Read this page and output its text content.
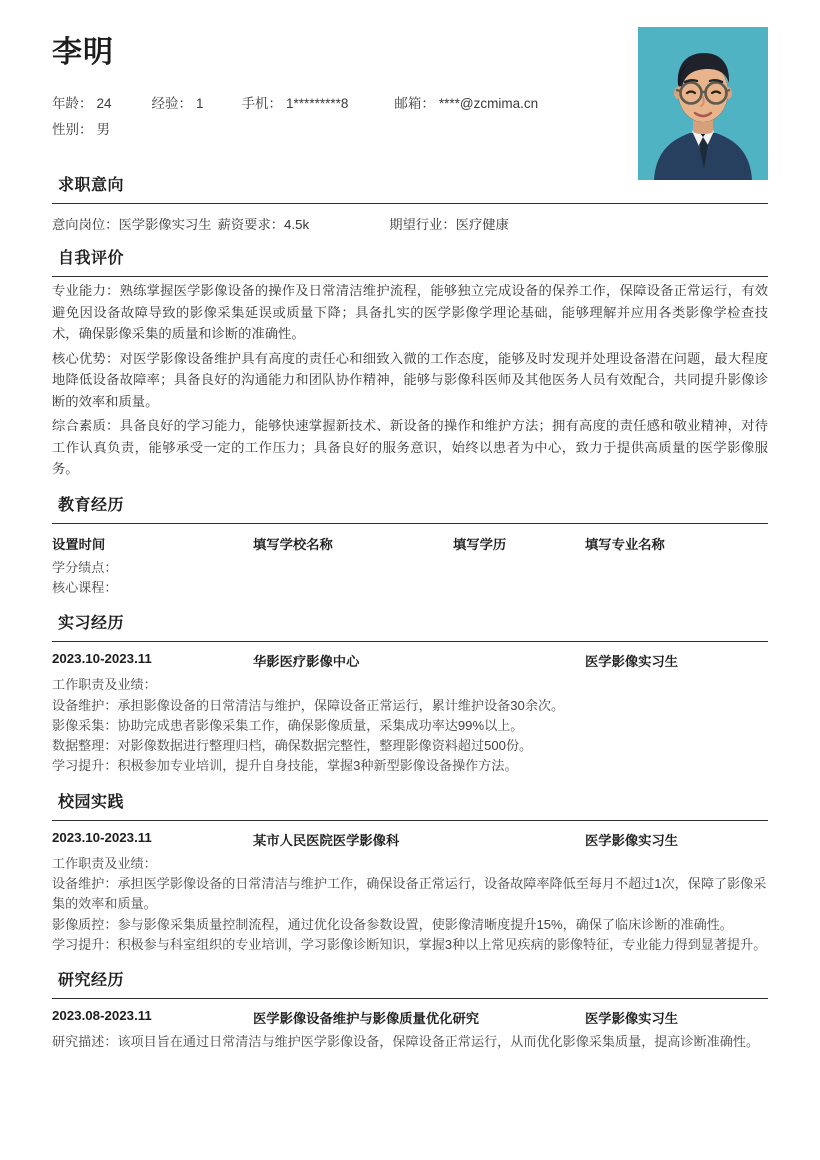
李明
年龄： 24	经验： 1	手机： 1*********8	邮箱： ****@zcmima.cn
性别： 男
求职意向
意向岗位：医学影像实习生 薪资要求：4.5k	期望行业：医疗健康
自我评价

专业能力：熟练掌握医学影像设备的操作及日常清洁维护流程，能够独立完成设备的保养工作，保障设备正常运行，有效避免因设备故障导致的影像采集延误或质量下降；具备扎实的医学影像学理论基础，能够理解并应用各类影像学检查技术，确保影像采集的质量和诊断的准确性。

核心优势：对医学影像设备维护具有高度的责任心和细致入微的工作态度，能够及时发现并处理设备潜在问题，最大程度地降低设备故障率；具备良好的沟通能力和团队协作精神，能够与影像科医师及其他医务人员有效配合，共同提升影像诊断的效率和质量。

综合素质：具备良好的学习能力，能够快速掌握新技术、新设备的操作和维护方法；拥有高度的责任感和敬业精神，对待工作认真负责，能够承受一定的工作压力；具备良好的服务意识，始终以患者为中心，致力于提供高质量的医学影像服务。

教育经历
设置时间	填写学校名称	填写学历	填写专业名称
学分绩点：
核心课程：
实习经历
2023.10-2023.11	华影医疗影像中心	医学影像实习生
工作职责及业绩：
设备维护：承担影像设备的日常清洁与维护，保障设备正常运行，累计维护设备30余次。
影像采集：协助完成患者影像采集工作，确保影像质量，采集成功率达99%以上。
数据整理：对影像数据进行整理归档，确保数据完整性，整理影像资料超过500份。
学习提升：积极参加专业培训，提升自身技能，掌握3种新型影像设备操作方法。
校园实践
2023.10-2023.11	某市人民医院医学影像科	医学影像实习生
工作职责及业绩：
设备维护：承担医学影像设备的日常清洁与维护工作，确保设备正常运行，设备故障率降低至每月不超过1次，保障了影像采集的效率和质量。
影像质控：参与影像采集质量控制流程，通过优化设备参数设置，使影像清晰度提升15%，确保了临床诊断的准确性。
学习提升：积极参与科室组织的专业培训，学习影像诊断知识，掌握3种以上常见疾病的影像特征，专业能力得到显著提升。
研究经历
2023.08-2023.11	医学影像设备维护与影像质量优化研究	医学影像实习生
研究描述：该项目旨在通过日常清洁与维护医学影像设备，保障设备正常运行，从而优化影像采集质量，提高诊断准确性。
